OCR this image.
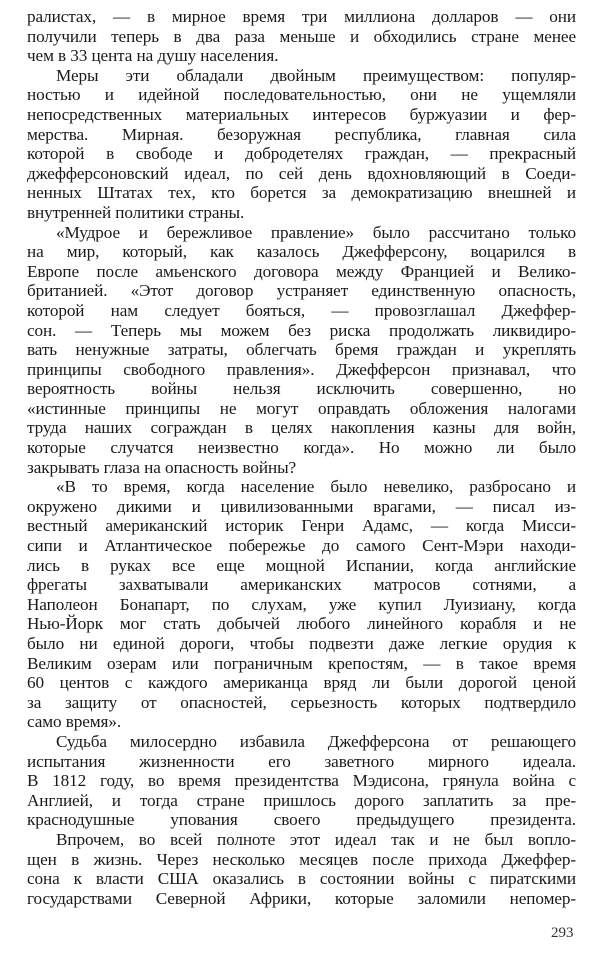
ралистах, — в мирное время три миллиона долларов — они
получили теперь в два раза меньше и обходились стране менее
чем в 33 цента на душу населения.
Меры эти обладали двойным преимуществом: популяр-
ностью и идейной последовательностью, они не ущемляли
непосредственных материальных интересов буржуазии и фер-
мерства. Мирная. безоружная республика, главная сила
которой в свободе и добродетелях граждан, — прекрасный
джефферсоновский идеал, по сей день вдохновляющий в Соеди-
ненных Штатах тех, кто борется за демократизацию внешней и
внутренней политики страны.
«Мудрое и бережливое правление» было рассчитано только
на мир, который, как казалось Джефферсону, воцарился в
Европе после амьенского договора между Францией и Велико-
британией. «Этот договор устраняет единственную опасность,
которой нам следует бояться, — провозглашал Джеффер-
сон. — Теперь мы можем без риска продолжать ликвидиро-
вать ненужные затраты, облегчать бремя граждан и укреплять
принципы свободного правления». Джефферсон признавал, что
вероятность войны нельзя исключить совершенно, но
«истинные принципы не могут оправдать обложения налогами
труда наших сограждан в целях накопления казны для войн,
которые случатся неизвестно когда». Но можно ли было
закрывать глаза на опасность войны?
«В то время, когда население было невелико, разбросано и
окружено дикими и цивилизованными врагами, — писал из-
вестный американский историк Генри Адамс, — когда Мисси-
сипи и Атлантическое побережье до самого Сент-Мэри находи-
лись в руках все еще мощной Испании, когда английские
фрегаты захватывали американских матросов сотнями, а
Наполеон Бонапарт, по слухам, уже купил Луизиану, когда
Нью-Йорк мог стать добычей любого линейного корабля и не
было ни единой дороги, чтобы подвезти даже легкие орудия к
Великим озерам или пограничным крепостям, — в такое время
60 центов с каждого американца вряд ли были дорогой ценой
за защиту от опасностей, серьезность которых подтвердило
само время».
Судьба милосердно избавила Джефферсона от решающего
испытания жизненности его заветного мирного идеала.
В 1812 году, во время президентства Мэдисона, грянула война с
Англией, и тогда стране пришлось дорого заплатить за пре-
краснодушные упования своего предыдущего президента.
Впрочем, во всей полноте этот идеал так и не был вопло-
щен в жизнь. Через несколько месяцев после прихода Джеффер-
сона к власти США оказались в состоянии войны с пиратскими
государствами Северной Африки, которые заломили непомер-
293
